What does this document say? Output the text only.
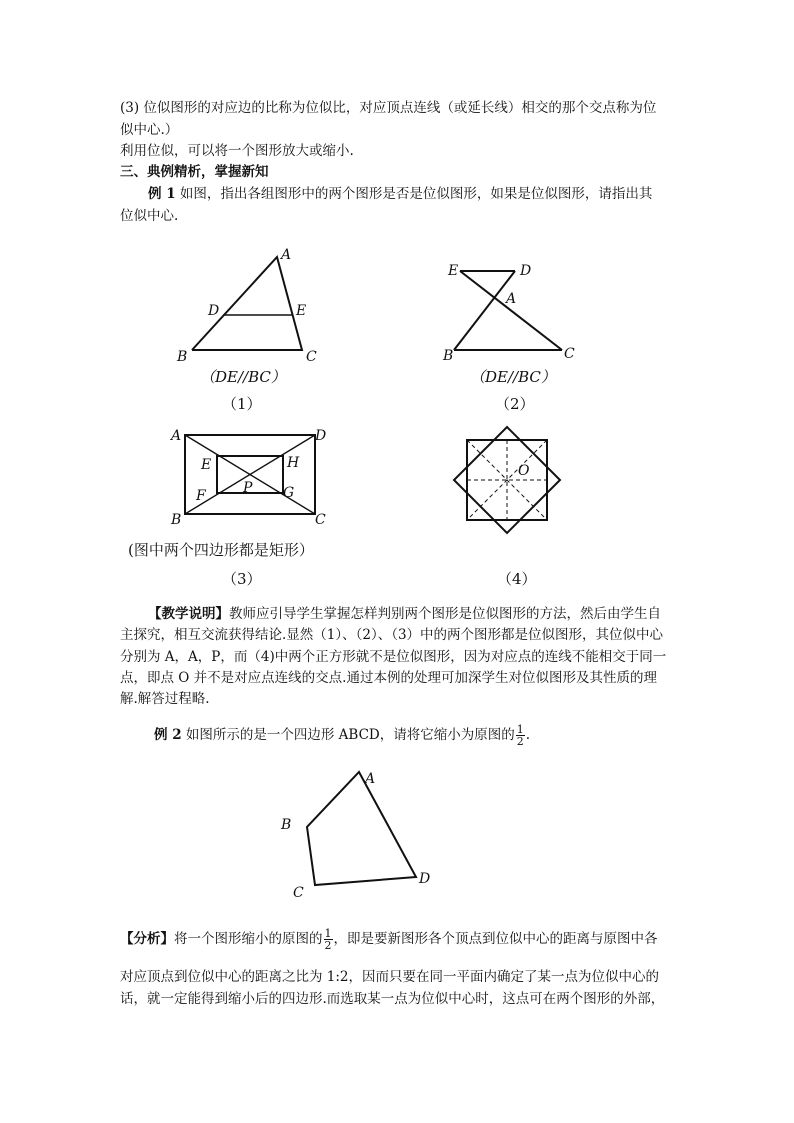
(3) 位似图形的对应边的比称为位似比，对应顶点连线（或延长线）相交的那个交点称为位
似中心.）
利用位似，可以将一个图形放大或缩小.
三、典例精析，掌握新知
例 1 如图，指出各组图形中的两个图形是否是位似图形，如果是位似图形，请指出其
位似中心.
A
D	E
B	C
（DE//BC）
（1）
E	D
A
B	C
（DE//BC）
（2）
A	D
E	H
F	P G
B	C
(图中两个四边形都是矩形）
（3）
O
（4）
【教学说明】教师应引导学生掌握怎样判别两个图形是位似图形的方法，然后由学生自
主探究，相互交流获得结论.显然（1）、（2）、（3）中的两个图形都是位似图形，其位似中心
分别为 A，A，P，而（4)中两个正方形就不是位似图形，因为对应点的连线不能相交于同一
点，即点 O 并不是对应点连线的交点.通过本例的处理可加深学生对位似图形及其性质的理
解.解答过程略.
例 2 如图所示的是一个四边形 ABCD，请将它缩小为原图的 $\frac{1}{2}$ .
A
B
C
D
【分析】将一个图形缩小的原图的 $\frac{1}{2}$ ，即是要新图形各个顶点到位似中心的距离与原图中各
对应顶点到位似中心的距离之比为 1:2，因而只要在同一平面内确定了某一点为位似中心的
话，就一定能得到缩小后的四边形.而选取某一点为位似中心时，这点可在两个图形的外部，
